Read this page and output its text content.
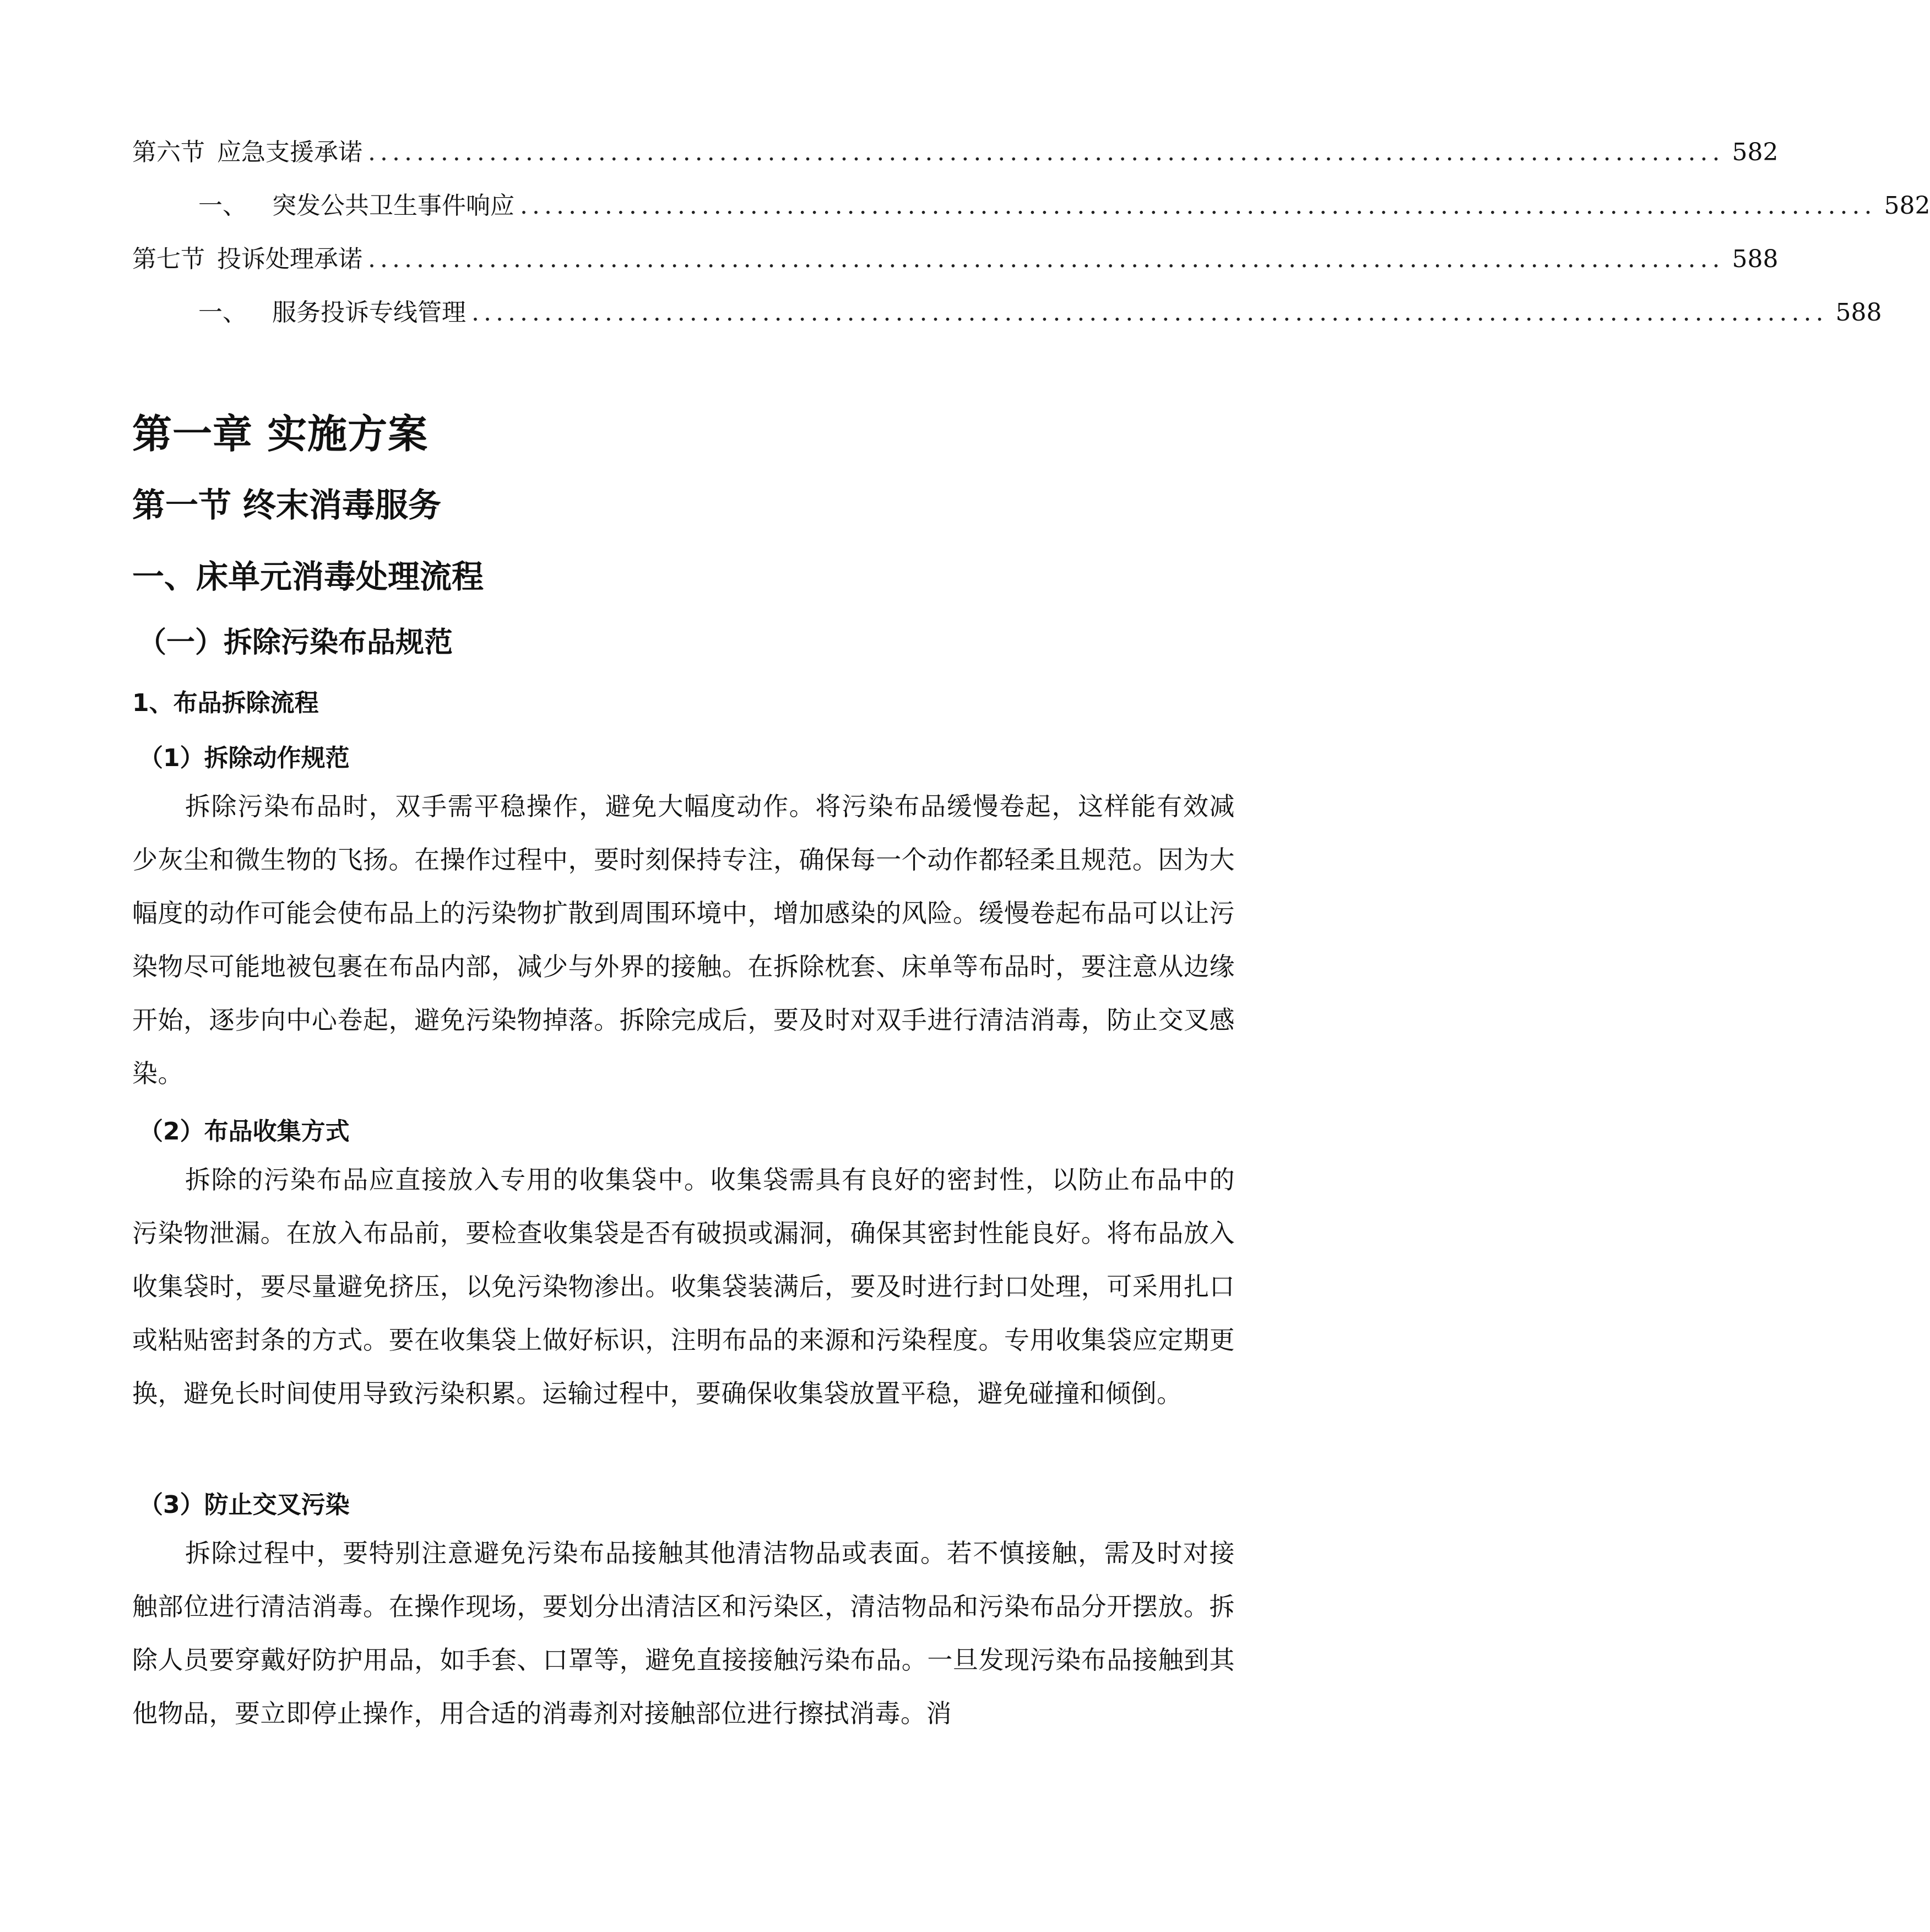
第六节 应急支援承诺 ................................................................................................................ 582
一、 突发公共卫生事件响应 ................................................................................................................ 582
第七节 投诉处理承诺 ................................................................................................................ 588
一、 服务投诉专线管理 ................................................................................................................ 588
第一章 实施方案
第一节 终末消毒服务
一、床单元消毒处理流程
（一）拆除污染布品规范
1、布品拆除流程
（1）拆除动作规范

拆除污染布品时，双手需平稳操作，避免大幅度动作。将污染布品缓慢卷起，这样能有效减少灰尘和微生物的飞扬。在操作过程中，要时刻保持专注，确保每一个动作都轻柔且规范。因为大幅度的动作可能会使布品上的污染物扩散到周围环境中，增加感染的风险。缓慢卷起布品可以让污染物尽可能地被包裹在布品内部，减少与外界的接触。在拆除枕套、床单等布品时，要注意从边缘开始，逐步向中心卷起，避免污染物掉落。拆除完成后，要及时对双手进行清洁消毒，防止交叉感染。

（2）布品收集方式

拆除的污染布品应直接放入专用的收集袋中。收集袋需具有良好的密封性，以防止布品中的污染物泄漏。在放入布品前，要检查收集袋是否有破损或漏洞，确保其密封性能良好。将布品放入收集袋时，要尽量避免挤压，以免污染物渗出。收集袋装满后，要及时进行封口处理，可采用扎口或粘贴密封条的方式。要在收集袋上做好标识，注明布品的来源和污染程度。专用收集袋应定期更换，避免长时间使用导致污染积累。运输过程中，要确保收集袋放置平稳，避免碰撞和倾倒。

（3）防止交叉污染

拆除过程中，要特别注意避免污染布品接触其他清洁物品或表面。若不慎接触，需及时对接触部位进行清洁消毒。在操作现场，要划分出清洁区和污染区，清洁物品和污染布品分开摆放。拆除人员要穿戴好防护用品，如手套、口罩等，避免直接接触污染布品。一旦发现污染布品接触到其他物品，要立即停止操作，用合适的消毒剂对接触部位进行擦拭消毒。消
